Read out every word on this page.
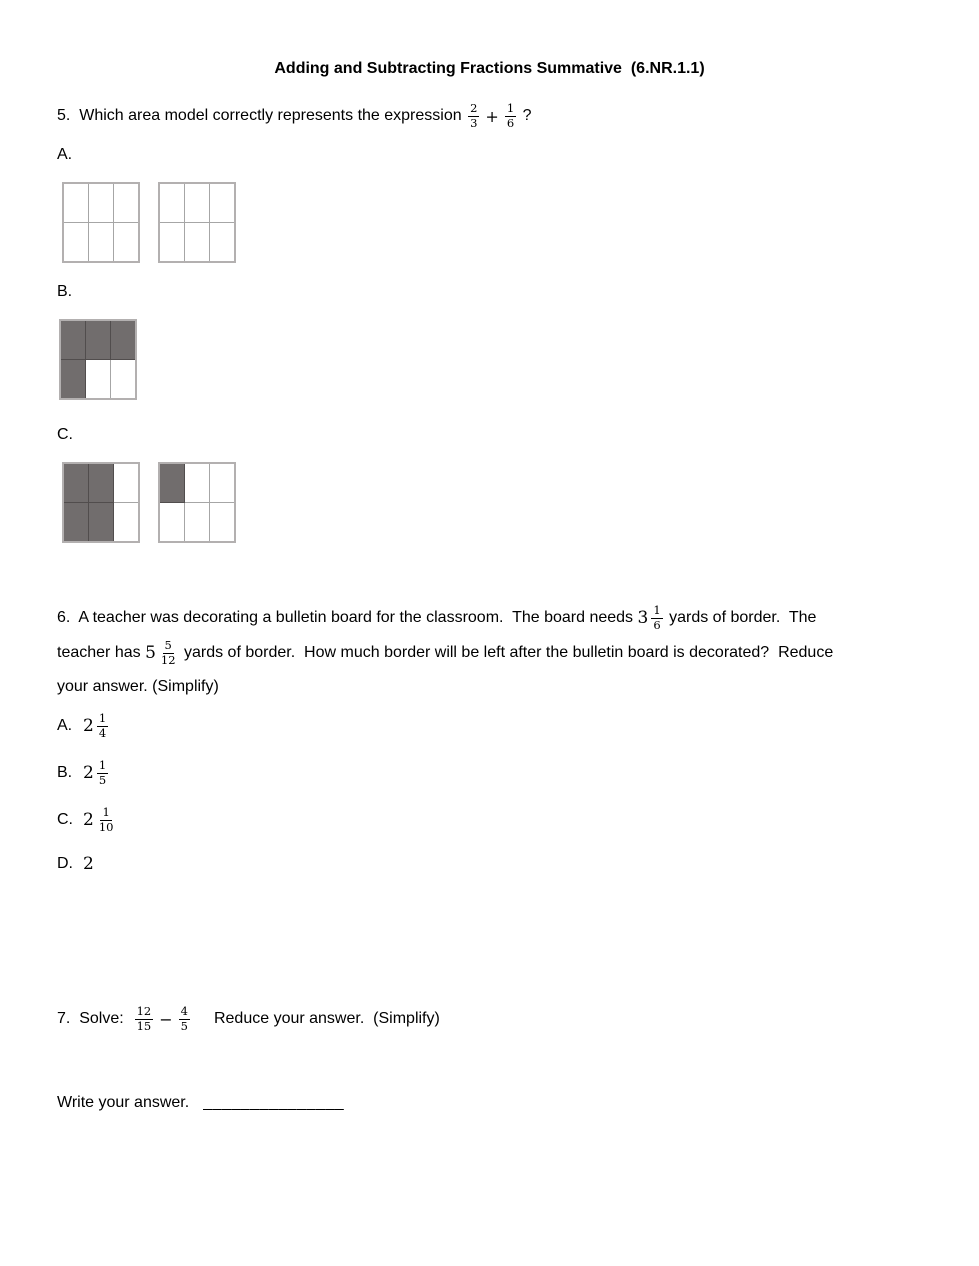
Adding and Subtracting Fractions Summative  (6.NR.1.1)
5.
Which area model correctly represents the expression $\frac{2}{3} + \frac{1}{6}$ ?
A.

B.

C.

6.  A teacher was decorating a bulletin board for the classroom.  The board needs $3 \frac{1}{6}$ yards of border.  The
teacher has $5 \frac{5}{12}$ yards of border.  How much border will be left after the bulletin board is decorated?  Reduce
your answer. (Simplify)
A. $2 \frac{1}{4}$
B. $2 \frac{1}{5}$
C. $2 \frac{1}{10}$
D. 2
7.  Solve: $\frac{12}{15} - \frac{4}{5}$ Reduce your answer.  (Simplify)
Write your answer. _______________
